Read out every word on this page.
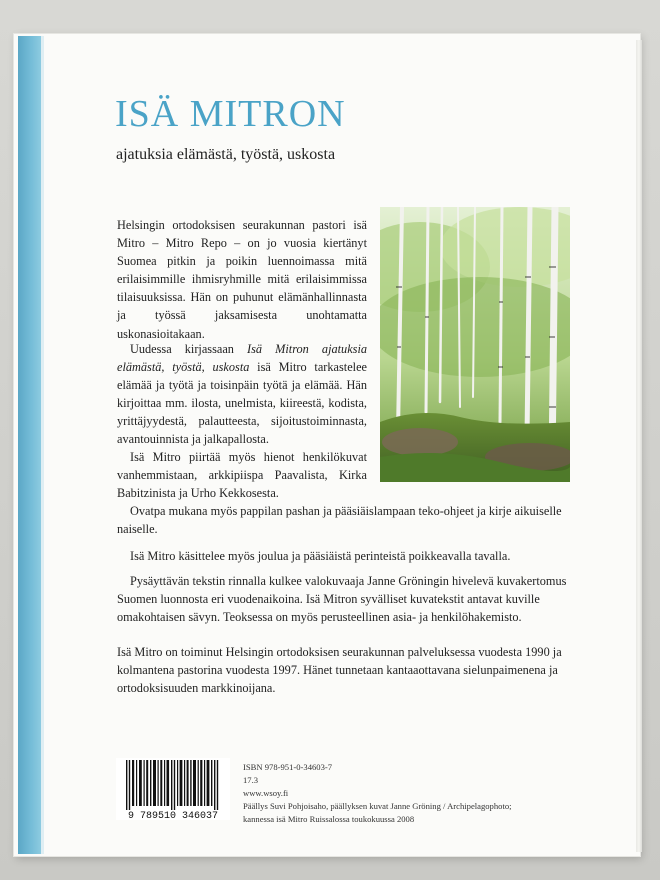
ISÄ MITRON

ajatuksia elämästä, työstä, uskosta

Helsingin ortodoksisen seurakunnan pastori isä Mitro – Mitro Repo – on jo vuosia kiertänyt Suomea pitkin ja poikin luennoimassa mitä erilaisimmille ihmisryhmille mitä erilaisimmissa tilaisuuksissa. Hän on puhunut elämänhallinnasta ja työssä jaksamisesta unohtamatta uskonasioitakaan.

Uudessa kirjassaan Isä Mitron ajatuksia elämästä, työstä, uskosta isä Mitro tarkastelee elämää ja työtä ja toisinpäin työtä ja elämää. Hän kirjoittaa mm. ilosta, unelmista, kiireestä, kodista, yrittäjyydestä, palautteesta, sijoitustoiminnasta, avantouinnista ja jalkapallosta.

Isä Mitro piirtää myös hienot henkilökuvat vanhemmistaan, arkkipiispa Paavalista, Kirka Babitzinista ja Urho Kekkosesta.

Ovatpa mukana myös pappilan pashan ja pääsiäislampaan teko-ohjeet ja kirje aikuiselle naiselle.

Isä Mitro käsittelee myös joulua ja pääsiäistä perinteistä poikkeavalla tavalla.

Pysäyttävän tekstin rinnalla kulkee valokuvaaja Janne Gröningin hivelevä kuvakertomus Suomen luonnosta eri vuodenaikoina. Isä Mitron syvälliset kuvatekstit antavat kuville omakohtaisen sävyn. Teoksessa on myös perusteellinen asia- ja henkilöhakemisto.

Isä Mitro on toiminut Helsingin ortodoksisen seurakunnan palveluksessa vuodesta 1990 ja kolmantena pastorina vuodesta 1997. Hänet tunnetaan kantaaottavana sielunpaimenena ja ortodoksisuuden markkinoijana.

9 789510 346037
ISBN 978-951-0-34603-7
17.3
www.wsoy.fi
Päällys Suvi Pohjoisaho, päällyksen kuvat Janne Gröning / Archipelagophoto;
kannessa isä Mitro Ruissalossa toukokuussa 2008
